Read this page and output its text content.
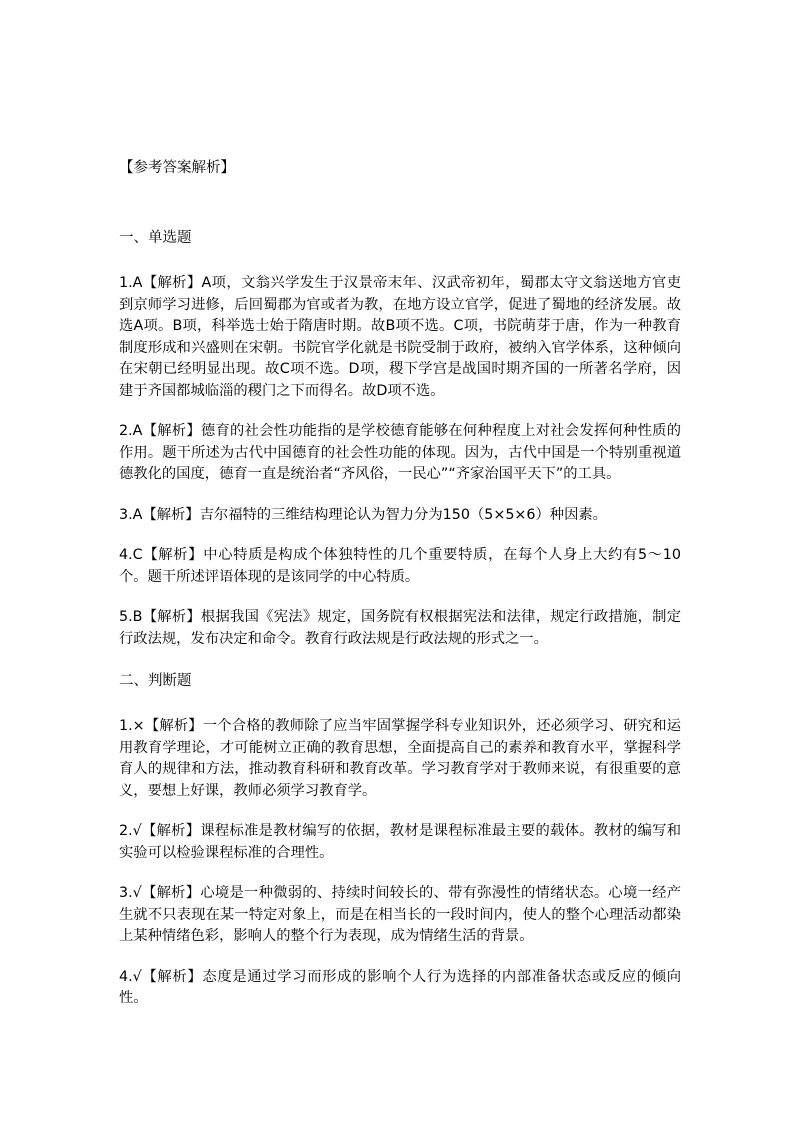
【参考答案解析】
一、单选题

1.A【解析】A项，文翁兴学发生于汉景帝末年、汉武帝初年，蜀郡太守文翁送地方官吏到京师学习进修，后回蜀郡为官或者为教，在地方设立官学，促进了蜀地的经济发展。故选A项。B项，科举选士始于隋唐时期。故B项不选。C项，书院萌芽于唐，作为一种教育制度形成和兴盛则在宋朝。书院官学化就是书院受制于政府，被纳入官学体系，这种倾向在宋朝已经明显出现。故C项不选。D项，稷下学宫是战国时期齐国的一所著名学府，因建于齐国都城临淄的稷门之下而得名。故D项不选。

2.A【解析】德育的社会性功能指的是学校德育能够在何种程度上对社会发挥何种性质的作用。题干所述为古代中国德育的社会性功能的体现。因为，古代中国是一个特别重视道德教化的国度，德育一直是统治者“齐风俗，一民心”“齐家治国平天下”的工具。

3.A【解析】吉尔福特的三维结构理论认为智力分为150（5×5×6）种因素。

4.C【解析】中心特质是构成个体独特性的几个重要特质，在每个人身上大约有5～10个。题干所述评语体现的是该同学的中心特质。

5.B【解析】根据我国《宪法》规定，国务院有权根据宪法和法律，规定行政措施，制定行政法规，发布决定和命令。教育行政法规是行政法规的形式之一。

二、判断题

1.×【解析】一个合格的教师除了应当牢固掌握学科专业知识外，还必须学习、研究和运用教育学理论，才可能树立正确的教育思想，全面提高自己的素养和教育水平，掌握科学育人的规律和方法，推动教育科研和教育改革。学习教育学对于教师来说，有很重要的意义，要想上好课，教师必须学习教育学。

2.√【解析】课程标准是教材编写的依据，教材是课程标准最主要的载体。教材的编写和实验可以检验课程标准的合理性。

3.√【解析】心境是一种微弱的、持续时间较长的、带有弥漫性的情绪状态。心境一经产生就不只表现在某一特定对象上，而是在相当长的一段时间内，使人的整个心理活动都染上某种情绪色彩，影响人的整个行为表现，成为情绪生活的背景。

4.√【解析】态度是通过学习而形成的影响个人行为选择的内部准备状态或反应的倾向性。
